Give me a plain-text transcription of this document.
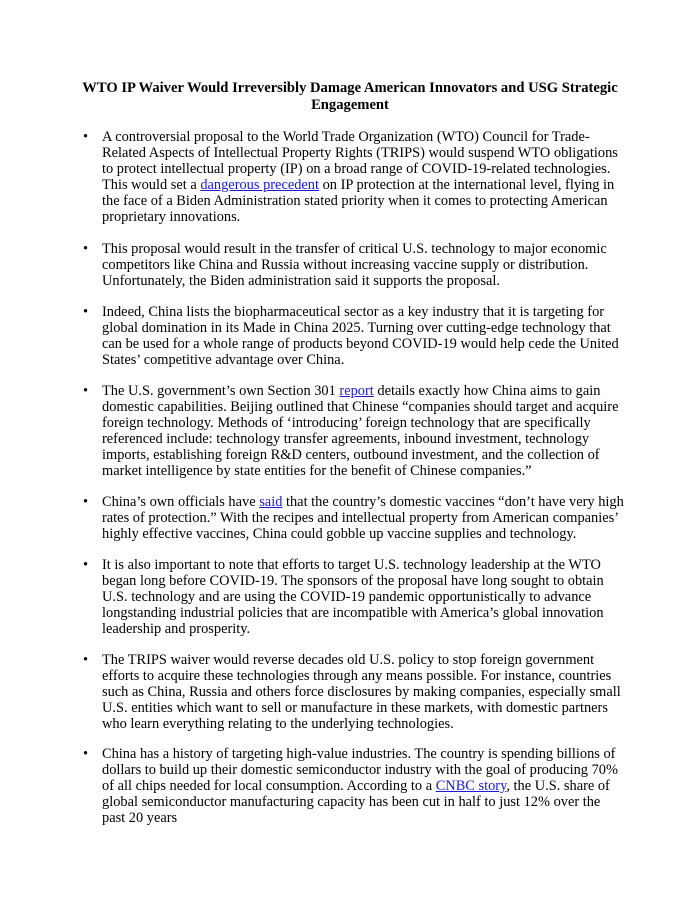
WTO IP Waiver Would Irreversibly Damage American Innovators and USG Strategic Engagement
• A controversial proposal to the World Trade Organization (WTO) Council for Trade-Related Aspects of Intellectual Property Rights (TRIPS) would suspend WTO obligations to protect intellectual property (IP) on a broad range of COVID-19-related technologies. This would set a dangerous precedent on IP protection at the international level, flying in the face of a Biden Administration stated priority when it comes to protecting American proprietary innovations.

• This proposal would result in the transfer of critical U.S. technology to major economic competitors like China and Russia without increasing vaccine supply or distribution. Unfortunately, the Biden administration said it supports the proposal.

• Indeed, China lists the biopharmaceutical sector as a key industry that it is targeting for global domination in its Made in China 2025. Turning over cutting-edge technology that can be used for a whole range of products beyond COVID-19 would help cede the United States’ competitive advantage over China.

• The U.S. government’s own Section 301 report details exactly how China aims to gain domestic capabilities. Beijing outlined that Chinese “companies should target and acquire foreign technology. Methods of ‘introducing’ foreign technology that are specifically referenced include: technology transfer agreements, inbound investment, technology imports, establishing foreign R&D centers, outbound investment, and the collection of market intelligence by state entities for the benefit of Chinese companies.”

• China’s own officials have said that the country’s domestic vaccines “don’t have very high rates of protection.” With the recipes and intellectual property from American companies’ highly effective vaccines, China could gobble up vaccine supplies and technology.

• It is also important to note that efforts to target U.S. technology leadership at the WTO began long before COVID-19. The sponsors of the proposal have long sought to obtain U.S. technology and are using the COVID-19 pandemic opportunistically to advance longstanding industrial policies that are incompatible with America’s global innovation leadership and prosperity.

• The TRIPS waiver would reverse decades old U.S. policy to stop foreign government efforts to acquire these technologies through any means possible. For instance, countries such as China, Russia and others force disclosures by making companies, especially small U.S. entities which want to sell or manufacture in these markets, with domestic partners who learn everything relating to the underlying technologies.

• China has a history of targeting high-value industries. The country is spending billions of dollars to build up their domestic semiconductor industry with the goal of producing 70% of all chips needed for local consumption. According to a CNBC story, the U.S. share of global semiconductor manufacturing capacity has been cut in half to just 12% over the past 20 years
